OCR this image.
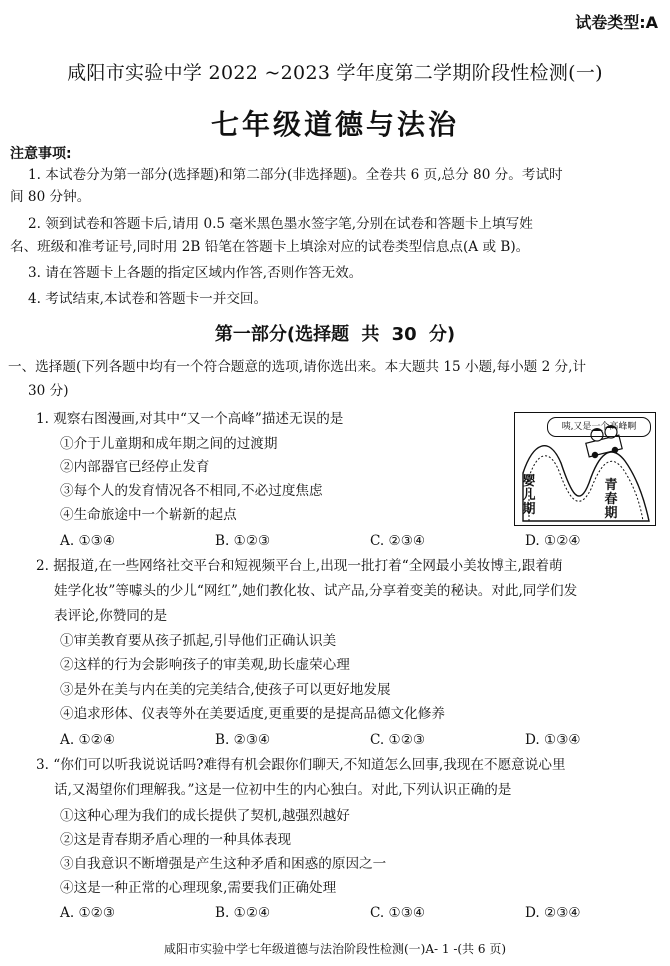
试卷类型:A
咸阳市实验中学 2022 ~2023 学年度第二学期阶段性检测(一)
七年级道德与法治
注意事项:
1. 本试卷分为第一部分(选择题)和第二部分(非选择题)。全卷共 6 页,总分 80 分。考试时
间 80 分钟。
2. 领到试卷和答题卡后,请用 0.5 毫米黑色墨水签字笔,分别在试卷和答题卡上填写姓
名、班级和准考证号,同时用 2B 铅笔在答题卡上填涂对应的试卷类型信息点(A 或 B)。
3. 请在答题卡上各题的指定区域内作答,否则作答无效。
4. 考试结束,本试卷和答题卡一并交回。
第一部分(选择题 共 30 分)
一、选择题(下列各题中均有一个符合题意的选项,请你选出来。本大题共 15 小题,每小题 2 分,计
30 分)
1. 观察右图漫画,对其中“又一个高峰”描述无误的是
①介于儿童期和成年期之间的过渡期
②内部器官已经停止发育
③每个人的发育情况各不相同,不必过度焦虑
④生命旅途中一个崭新的起点
A. ①③④	B. ①②③	C. ②③④	D. ①②④
咦,又是一个高峰啊
婴儿期
青春期
2. 据报道,在一些网络社交平台和短视频平台上,出现一批打着“全网最小美妆博主,跟着萌
娃学化妆”等噱头的少儿“网红”,她们教化妆、试产品,分享着变美的秘诀。对此,同学们发
表评论,你赞同的是
①审美教育要从孩子抓起,引导他们正确认识美
②这样的行为会影响孩子的审美观,助长虚荣心理
③是外在美与内在美的完美结合,使孩子可以更好地发展
④追求形体、仪表等外在美要适度,更重要的是提高品德文化修养
A. ①②④	B. ②③④	C. ①②③	D. ①③④
3. “你们可以听我说说话吗?难得有机会跟你们聊天,不知道怎么回事,我现在不愿意说心里
话,又渴望你们理解我。”这是一位初中生的内心独白。对此,下列认识正确的是
①这种心理为我们的成长提供了契机,越强烈越好
②这是青春期矛盾心理的一种具体表现
③自我意识不断增强是产生这种矛盾和困惑的原因之一
④这是一种正常的心理现象,需要我们正确处理
A. ①②③	B. ①②④	C. ①③④	D. ②③④
咸阳市实验中学七年级道德与法治阶段性检测(一)A- 1 -(共 6 页)
